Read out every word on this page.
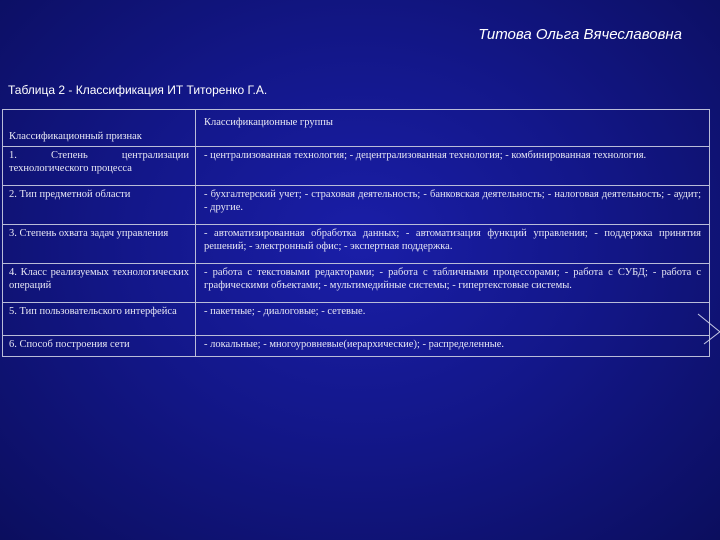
Титова Ольга Вячеславовна
Таблица 2 - Классификация ИТ Титоренко Г.А.
Классификационный признак	Классификационные группы
1. Степень централизации технологического процесса	- централизованная технология; - децентрализованная технология; - комбинированная технология.
2. Тип предметной области	- бухгалтерский учет; - страховая деятельность; - банковская деятельность; - налоговая деятельность; - аудит; - другие.
3. Степень охвата задач управления	- автоматизированная обработка данных; - автоматизация функций управления; - поддержка принятия решений; - электронный офис; - экспертная поддержка.
4. Класс реализуемых технологических операций	- работа с текстовыми редакторами; - работа с табличными процессорами; - работа с СУБД; - работа с графическими объектами; - мультимедийные системы; - гипертекстовые системы.
5. Тип пользовательского интерфейса	- пакетные; - диалоговые; - сетевые.
6. Способ построения сети	- локальные; - многоуровневые(иерархические); - распределенные.
